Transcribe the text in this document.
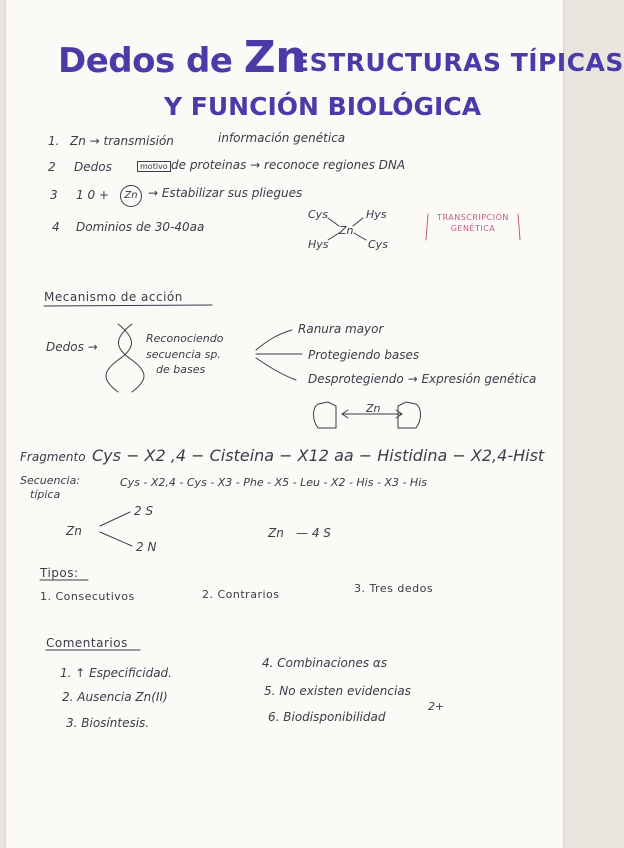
Dedos de Zn
ESTRUCTURAS TÍPICAS
Y FUNCIÓN BIOLÓGICA
1. Zn → transmisión	información genética
2 Dedos	motivo de proteinas → reconoce regiones DNA
3 1 0 +	Zn → Estabilizar sus pliegues
4 Dominios de 30-40aa
Cys	Hys
Zn
Hys	Cys
TRANSCRIPCIÓN GENÉTICA
Mecanismo de acción
Dedos →
Reconociendo
secuencia sp.
de bases
Ranura mayor
Protegiendo bases
Desprotegiendo → Expresión genética
Zn
Fragmento Cys − X2 ,4 − Cisteina − X12 aa − Histidina − X2,4-Hist
Secuencia:
típica
Cys - X2,4 - Cys - X3 - Phe - X5 - Leu - X2 - His - X3 - His
Zn
2 S
2 N
Zn — 4 S
Tipos:
1. Consecutivos	2. Contrarios	3. Tres dedos
Comentarios
1. ↑ Especificidad.
2. Ausencia Zn(II)
3. Biosíntesis.
4. Combinaciones αs
5. No existen evidencias
6. Biodisponibilidad
2+
